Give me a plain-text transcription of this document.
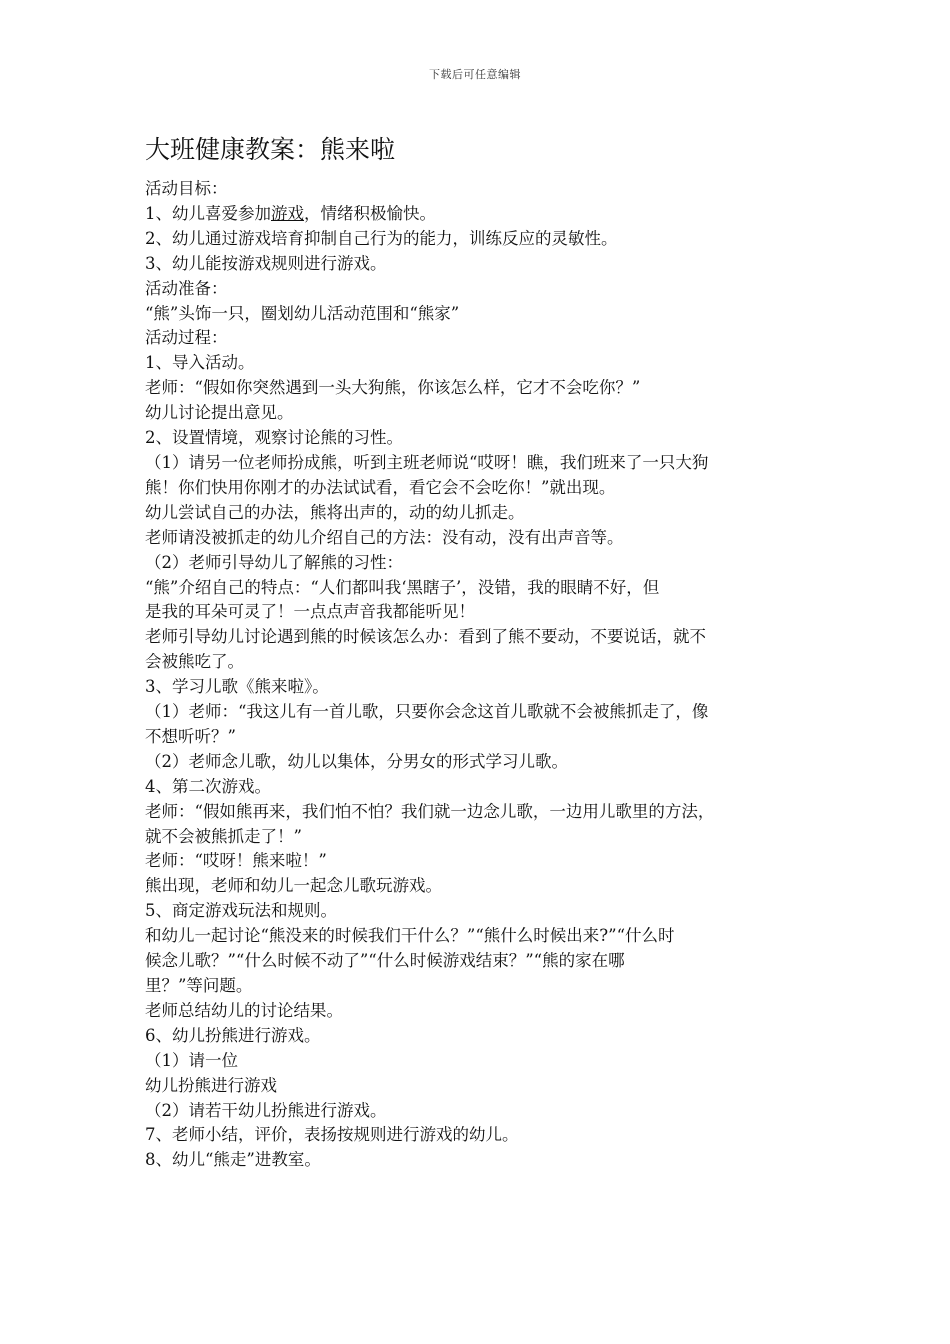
下载后可任意编辑
大班健康教案：熊来啦
活动目标：
1、幼儿喜爱参加游戏，情绪积极愉快。
2、幼儿通过游戏培育抑制自己行为的能力，训练反应的灵敏性。
3、幼儿能按游戏规则进行游戏。
活动准备：
“熊”头饰一只，圈划幼儿活动范围和“熊家”
活动过程：
1、导入活动。
老师：“假如你突然遇到一头大狗熊，你该怎么样，它才不会吃你？”
幼儿讨论提出意见。
2、设置情境，观察讨论熊的习性。
（1）请另一位老师扮成熊，听到主班老师说“哎呀！瞧，我们班来了一只大狗
熊！你们快用你刚才的办法试试看，看它会不会吃你！”就出现。
幼儿尝试自己的办法，熊将出声的，动的幼儿抓走。
老师请没被抓走的幼儿介绍自己的方法：没有动，没有出声音等。
（2）老师引导幼儿了解熊的习性：
“熊”介绍自己的特点：“人们都叫我‘黑瞎子’，没错，我的眼睛不好，但
是我的耳朵可灵了！一点点声音我都能听见！
老师引导幼儿讨论遇到熊的时候该怎么办：看到了熊不要动，不要说话，就不
会被熊吃了。
3、学习儿歌《熊来啦》。
（1）老师：“我这儿有一首儿歌，只要你会念这首儿歌就不会被熊抓走了，像
不想听听？”
（2）老师念儿歌，幼儿以集体，分男女的形式学习儿歌。
4、第二次游戏。
老师：“假如熊再来，我们怕不怕？我们就一边念儿歌，一边用儿歌里的方法，
就不会被熊抓走了！”
老师：“哎呀！熊来啦！”
熊出现，老师和幼儿一起念儿歌玩游戏。
5、商定游戏玩法和规则。
和幼儿一起讨论“熊没来的时候我们干什么？”“熊什么时候出来?”“什么时
候念儿歌？”“什么时候不动了”“什么时候游戏结束？”“熊的家在哪
里？”等问题。
老师总结幼儿的讨论结果。
6、幼儿扮熊进行游戏。
（1）请一位
幼儿扮熊进行游戏
（2）请若干幼儿扮熊进行游戏。
7、老师小结，评价，表扬按规则进行游戏的幼儿。
8、幼儿“熊走”进教室。
